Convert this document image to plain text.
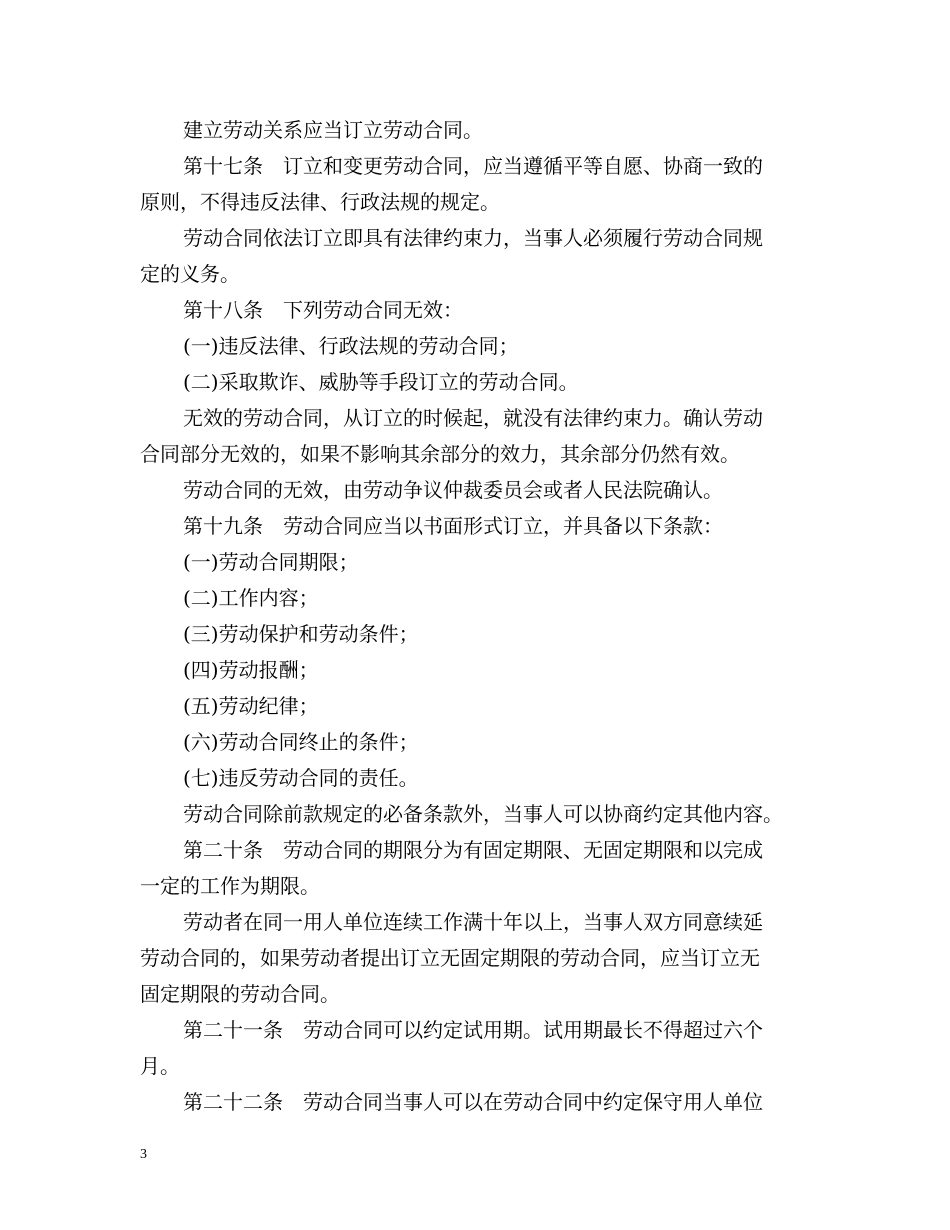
建立劳动关系应当订立劳动合同。
第十七条　订立和变更劳动合同，应当遵循平等自愿、协商一致的
原则，不得违反法律、行政法规的规定。
劳动合同依法订立即具有法律约束力，当事人必须履行劳动合同规
定的义务。
第十八条　下列劳动合同无效：
(一)违反法律、行政法规的劳动合同；
(二)采取欺诈、威胁等手段订立的劳动合同。
无效的劳动合同，从订立的时候起，就没有法律约束力。确认劳动
合同部分无效的，如果不影响其余部分的效力，其余部分仍然有效。
劳动合同的无效，由劳动争议仲裁委员会或者人民法院确认。
第十九条　劳动合同应当以书面形式订立，并具备以下条款：
(一)劳动合同期限；
(二)工作内容；
(三)劳动保护和劳动条件；
(四)劳动报酬；
(五)劳动纪律；
(六)劳动合同终止的条件；
(七)违反劳动合同的责任。
劳动合同除前款规定的必备条款外，当事人可以协商约定其他内容。
第二十条　劳动合同的期限分为有固定期限、无固定期限和以完成
一定的工作为期限。
劳动者在同一用人单位连续工作满十年以上，当事人双方同意续延
劳动合同的，如果劳动者提出订立无固定期限的劳动合同，应当订立无
固定期限的劳动合同。
第二十一条　劳动合同可以约定试用期。试用期最长不得超过六个
月。
第二十二条　劳动合同当事人可以在劳动合同中约定保守用人单位
3
